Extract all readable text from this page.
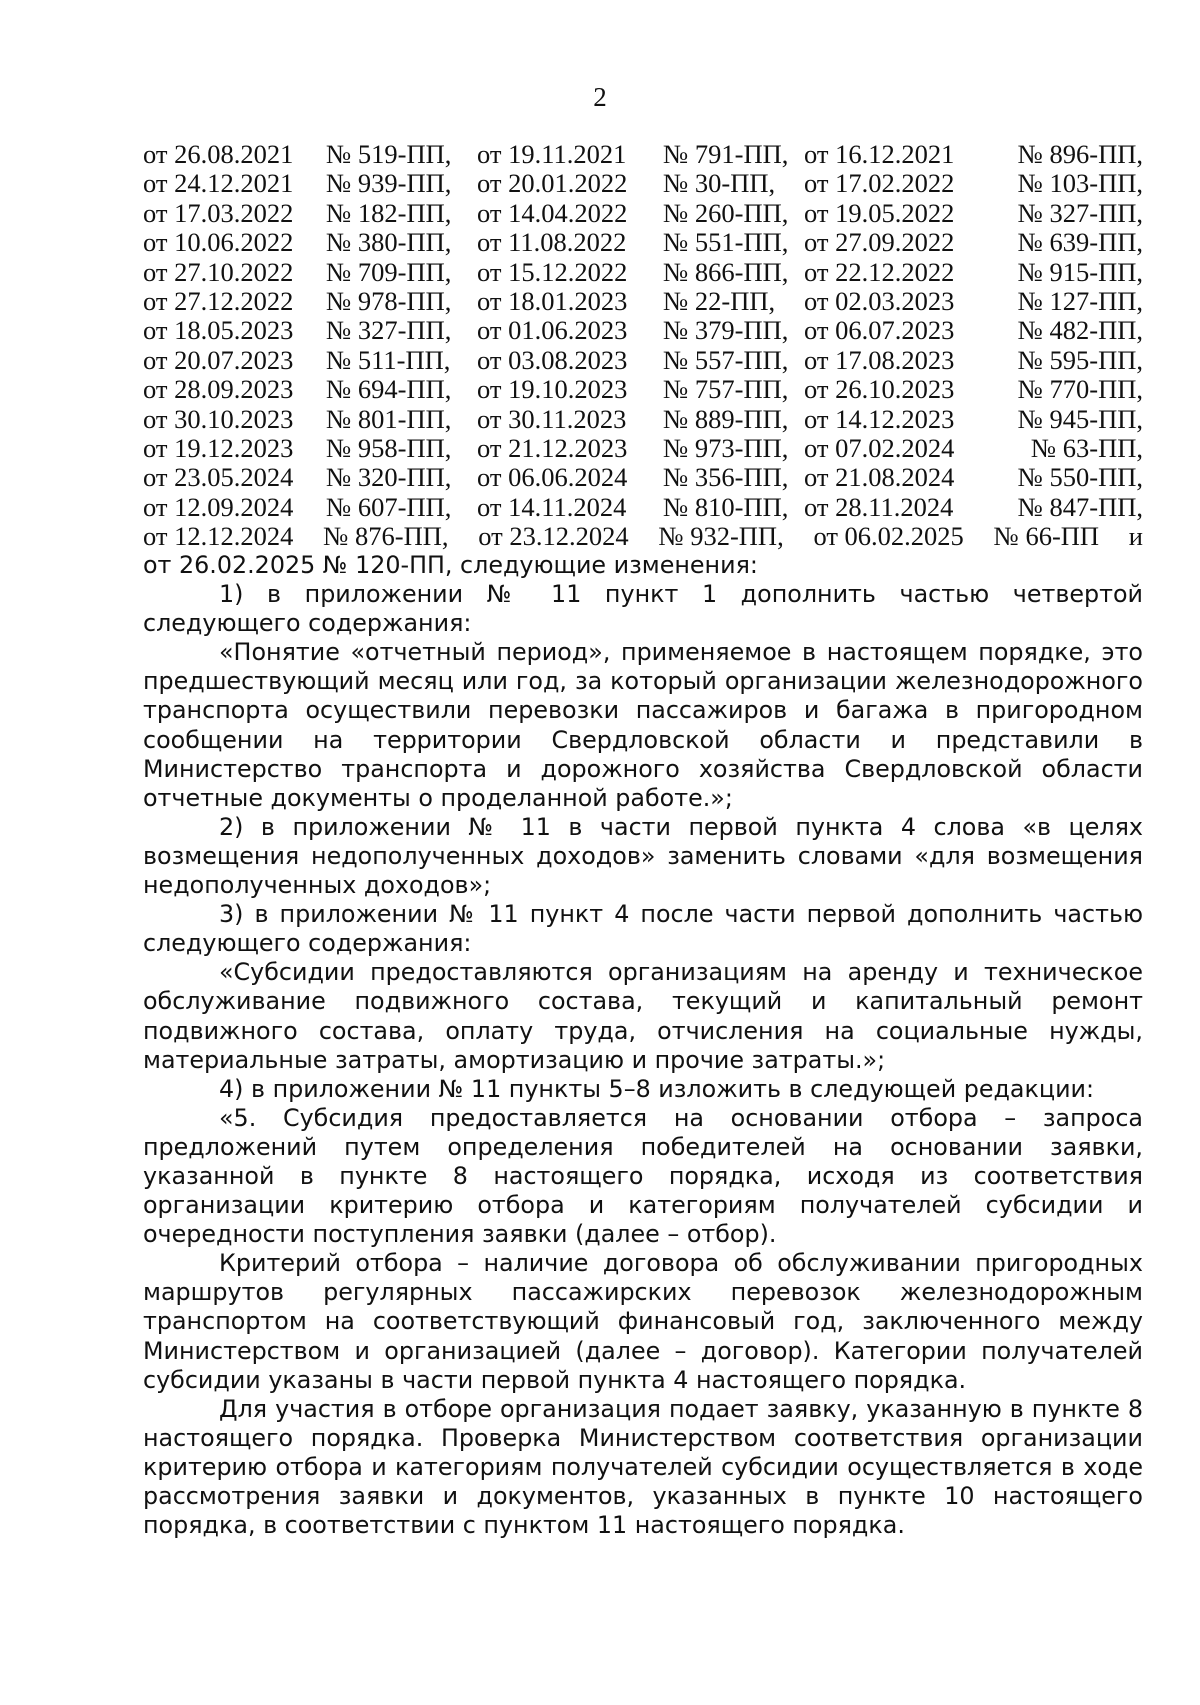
2
от 26.08.2021	№ 519-ПП, от 19.11.2021	№ 791-ПП, от 16.12.2021	№ 896-ПП,
от 24.12.2021	№ 939-ПП, от 20.01.2022	№ 30-ПП,	от 17.02.2022	№ 103-ПП,
от 17.03.2022	№ 182-ПП, от 14.04.2022	№ 260-ПП, от 19.05.2022	№ 327-ПП,
от 10.06.2022	№ 380-ПП, от 11.08.2022	№ 551-ПП, от 27.09.2022	№ 639-ПП,
от 27.10.2022	№ 709-ПП, от 15.12.2022	№ 866-ПП, от 22.12.2022	№ 915-ПП,
от 27.12.2022	№ 978-ПП, от 18.01.2023	№ 22-ПП,	от 02.03.2023	№ 127-ПП,
от 18.05.2023	№ 327-ПП, от 01.06.2023	№ 379-ПП, от 06.07.2023	№ 482-ПП,
от 20.07.2023	№ 511-ПП,	от 03.08.2023	№ 557-ПП, от 17.08.2023	№ 595-ПП,
от 28.09.2023	№ 694-ПП, от 19.10.2023	№ 757-ПП, от 26.10.2023	№ 770-ПП,
от 30.10.2023	№ 801-ПП, от 30.11.2023	№ 889-ПП, от 14.12.2023	№ 945-ПП,
от 19.12.2023	№ 958-ПП, от 21.12.2023	№ 973-ПП, от 07.02.2024	№ 63-ПП,
от 23.05.2024	№ 320-ПП, от 06.06.2024	№ 356-ПП, от 21.08.2024	№ 550-ПП,
от 12.09.2024	№ 607-ПП, от 14.11.2024	№ 810-ПП, от 28.11.2024	№ 847-ПП,
от 12.12.2024 № 876-ПП, от 23.12.2024 № 932-ПП, от 06.02.2025 № 66-ПП и

от 26.02.2025 № 120-ПП, следующие изменения:

1) в приложении № 11 пункт 1 дополнить частью четвертой следующего содержания:

«Понятие «отчетный период», применяемое в настоящем порядке, это предшествующий месяц или год, за который организации железнодорожного транспорта осуществили перевозки пассажиров и багажа в пригородном сообщении на территории Свердловской области и представили в Министерство транспорта и дорожного хозяйства Свердловской области отчетные документы о проделанной работе.»;

2) в приложении № 11 в части первой пункта 4 слова «в целях возмещения недополученных доходов» заменить словами «для возмещения недополученных доходов»;

3) в приложении № 11 пункт 4 после части первой дополнить частью следующего содержания:

«Субсидии предоставляются организациям на аренду и техническое обслуживание подвижного состава, текущий и капитальный ремонт подвижного состава, оплату труда, отчисления на социальные нужды, материальные затраты, амортизацию и прочие затраты.»;

4) в приложении № 11 пункты 5–8 изложить в следующей редакции:

«5. Субсидия предоставляется на основании отбора – запроса предложений путем определения победителей на основании заявки, указанной в пункте 8 настоящего порядка, исходя из соответствия организации критерию отбора и категориям получателей субсидии и очередности поступления заявки (далее – отбор).

Критерий отбора – наличие договора об обслуживании пригородных маршрутов регулярных пассажирских перевозок железнодорожным транспортом на соответствующий финансовый год, заключенного между Министерством и организацией (далее – договор). Категории получателей субсидии указаны в части первой пункта 4 настоящего порядка.

Для участия в отборе организация подает заявку, указанную в пункте 8 настоящего порядка. Проверка Министерством соответствия организации критерию отбора и категориям получателей субсидии осуществляется в ходе рассмотрения заявки и документов, указанных в пункте 10 настоящего порядка, в соответствии с пунктом 11 настоящего порядка.
